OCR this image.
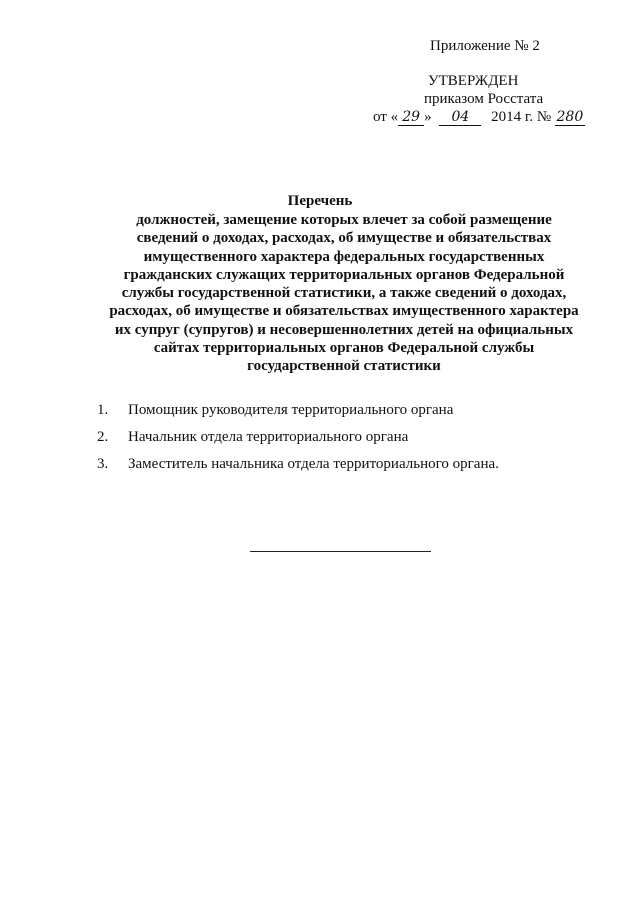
Приложение № 2
УТВЕРЖДЕН
приказом Росстата
от « 29 » 04 2014 г. № 280
Перечень
должностей, замещение которых влечет за собой размещение сведений о доходах, расходах, об имуществе и обязательствах имущественного характера федеральных государственных гражданских служащих территориальных органов Федеральной службы государственной статистики, а также сведений о доходах, расходах, об имуществе и обязательствах имущественного характера их супруг (супругов) и несовершеннолетних детей на официальных сайтах территориальных органов Федеральной службы государственной статистики
1.	Помощник руководителя территориального органа
2.	Начальник отдела территориального органа
3.	Заместитель начальника отдела территориального органа.
